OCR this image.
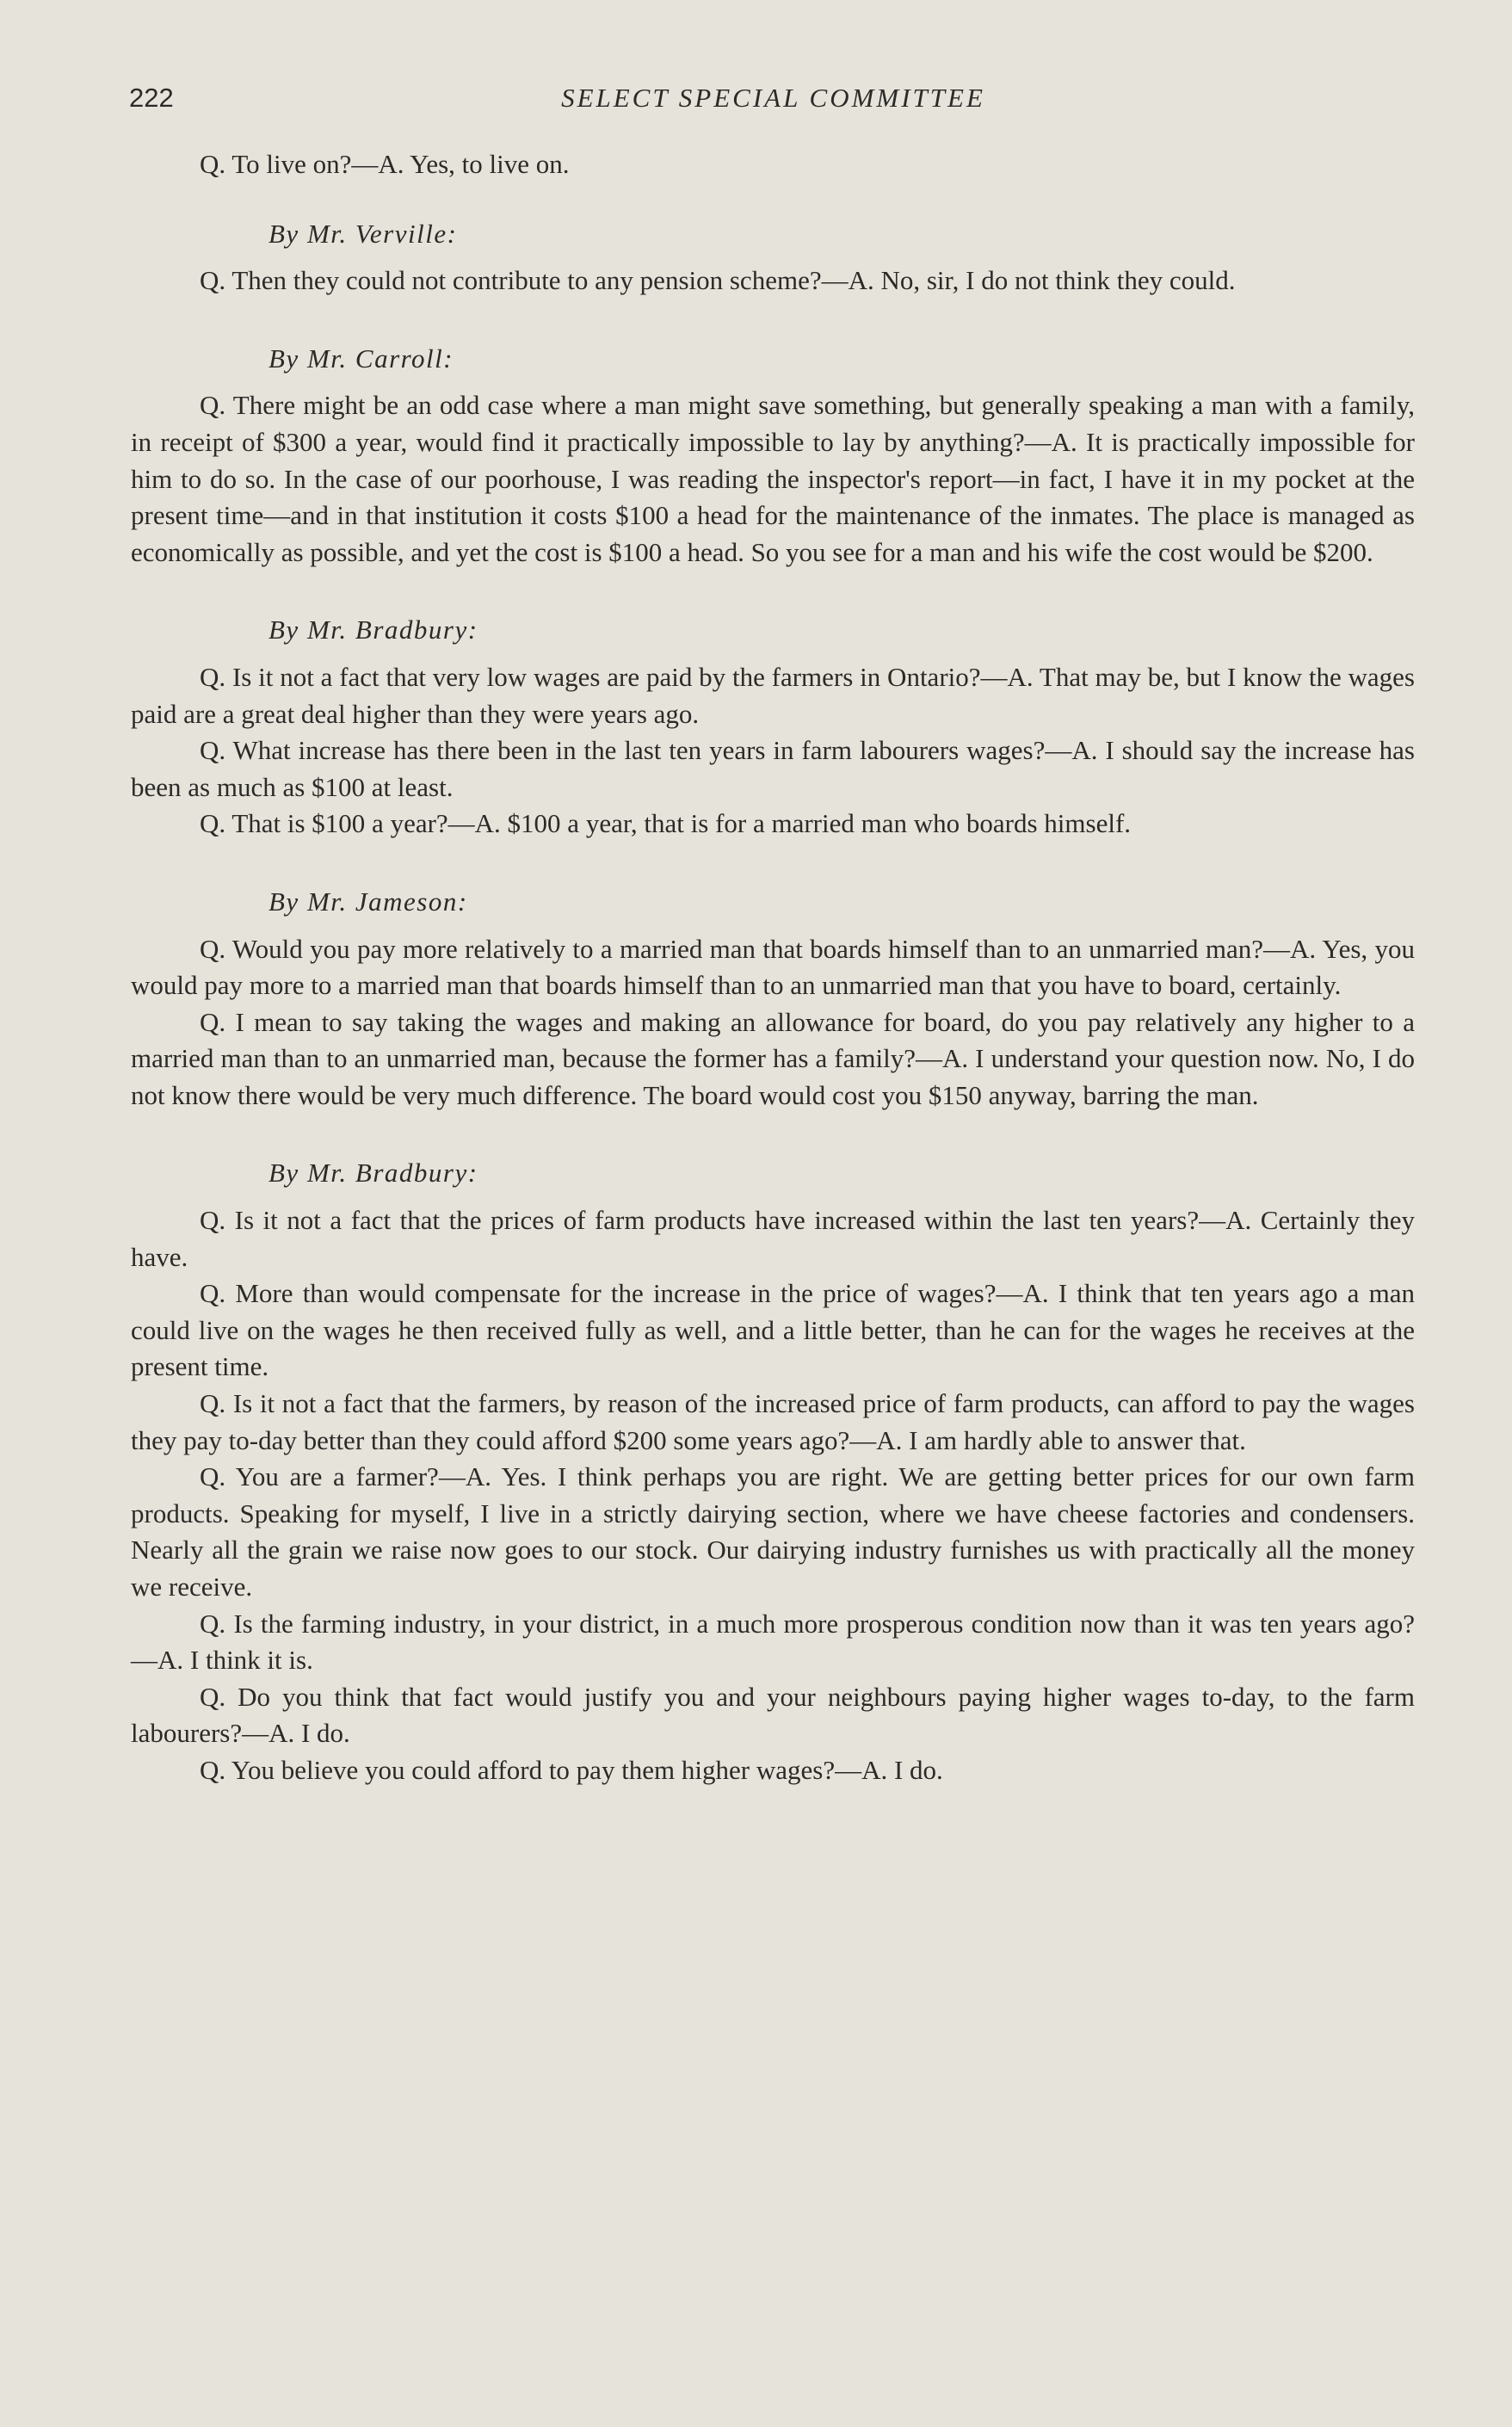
222	SELECT SPECIAL COMMITTEE

Q. To live on?—A. Yes, to live on.

By Mr. Verville:

Q. Then they could not contribute to any pension scheme?—A. No, sir, I do not think they could.

By Mr. Carroll:

Q. There might be an odd case where a man might save something, but generally speaking a man with a family, in receipt of $300 a year, would find it practically impossible to lay by anything?—A. It is practically impossible for him to do so. In the case of our poorhouse, I was reading the inspector's report—in fact, I have it in my pocket at the present time—and in that institution it costs $100 a head for the maintenance of the inmates. The place is managed as economically as possible, and yet the cost is $100 a head. So you see for a man and his wife the cost would be $200.

By Mr. Bradbury:

Q. Is it not a fact that very low wages are paid by the farmers in Ontario?—A. That may be, but I know the wages paid are a great deal higher than they were years ago.

Q. What increase has there been in the last ten years in farm labourers wages?—A. I should say the increase has been as much as $100 at least.

Q. That is $100 a year?—A. $100 a year, that is for a married man who boards himself.

By Mr. Jameson:

Q. Would you pay more relatively to a married man that boards himself than to an unmarried man?—A. Yes, you would pay more to a married man that boards himself than to an unmarried man that you have to board, certainly.

Q. I mean to say taking the wages and making an allowance for board, do you pay relatively any higher to a married man than to an unmarried man, because the former has a family?—A. I understand your question now. No, I do not know there would be very much difference. The board would cost you $150 anyway, barring the man.

By Mr. Bradbury:

Q. Is it not a fact that the prices of farm products have increased within the last ten years?—A. Certainly they have.

Q. More than would compensate for the increase in the price of wages?—A. I think that ten years ago a man could live on the wages he then received fully as well, and a little better, than he can for the wages he receives at the present time.

Q. Is it not a fact that the farmers, by reason of the increased price of farm products, can afford to pay the wages they pay to-day better than they could afford $200 some years ago?—A. I am hardly able to answer that.

Q. You are a farmer?—A. Yes. I think perhaps you are right. We are getting better prices for our own farm products. Speaking for myself, I live in a strictly dairying section, where we have cheese factories and condensers. Nearly all the grain we raise now goes to our stock. Our dairying industry furnishes us with practically all the money we receive.

Q. Is the farming industry, in your district, in a much more prosperous condition now than it was ten years ago?—A. I think it is.

Q. Do you think that fact would justify you and your neighbours paying higher wages to-day, to the farm labourers?—A. I do.

Q. You believe you could afford to pay them higher wages?—A. I do.
